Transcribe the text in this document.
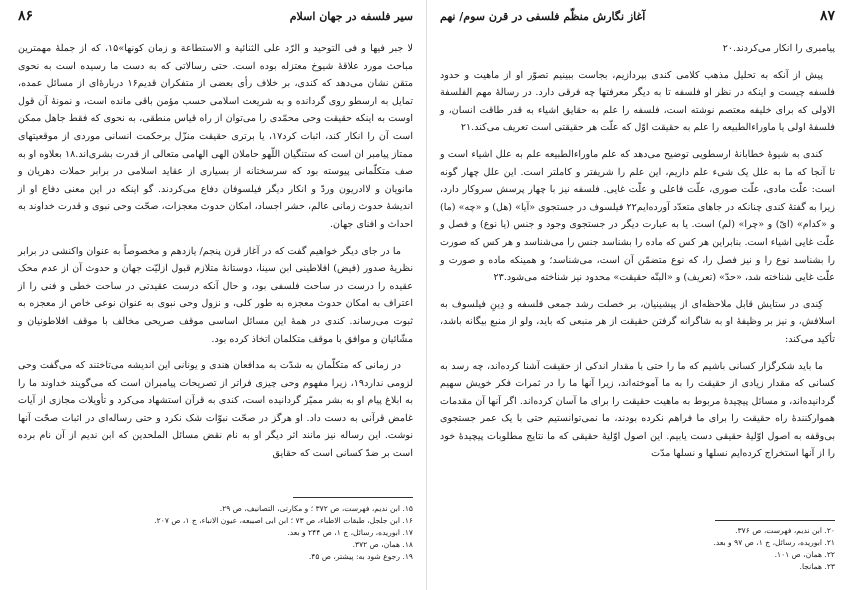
سیر فلسفه در جهان اسلام
۸۶

لا جبر فیها و فی التوحید و الرّد علی الثنائیة و الاستطاعة و زمان کونها»۱۵، که از جملهٔ مهمترین مباحث مورد علاقهٔ شیوخ معتزله بوده است. حتی رسالاتی که به دست ما رسیده است به نحوی متقن نشان می‌دهد که کندی، بر خلاف رأی بعضی از متفکران قدیم۱۶ دربارهٔ‌ای از مسائل عمده، تمایل به ارسطو روی گردانده و به شریعت اسلامی حسب مؤمن باقی مانده است، و نمونهٔ آن قول اوست به اینکه حقیقت وحی محمّدی را می‌توان از راه قیاس منطقی، به نحوی که فقط جاهل ممکن است آن را انکار کند، اثبات کرد۱۷، یا برتری حقیقت منزّل برحکمت انسانی موردی از موقعیتهای ممتاز پیامبر ان است که ستنگیان اللّهو حاملان الهی الهامی متعالی از قدرت بشری‌اند.۱۸ بعلاوه او به صف متکلّمانی پیوسته بود که سرسختانه از بسیاری از عقاید اسلامی در برابر حملات دهریان و مانویان و لاادریون وردّ و انکار دیگر فیلسوفان دفاع می‌کردند. گو اینکه در این معنی دفاع او از اندیشهٔ حدوث زمانی عالم، حشر اجساد، امکان حدوث معجزات، صحّت وحی نبوی و قدرت خداوند به احداث و افنای جهان.

ما در جای دیگر خواهیم گفت که در آغاز قرن پنجم/ یازدهم و مخصوصاً به عنوان واکنشی در برابر نظریهٔ صدور (فیض) افلاطینی ابن سینا، دوستانهٔ متلازم قبول ازلیّت جهان و حدوث آن از عدم محک عقیده‌ را درست در ساحت فلسفی بود، و حال آنکه درست عقیدتی در ساحت خطی و فنی را از اعتراف به امکان حدوث معجزه به طور کلی، و نزول وحی نبوی به عنوان نوعی خاص از معجزه به ثبوت می‌رساند. کندی در همهٔ این مسائل اساسی موقف صریحی مخالف با موقف افلاطونیان و مشّائیان و موافق با موقف متکلمان اتخاذ کرده بود.

در زمانی که متکلّمان به شدّت به مدافعان هندی و یونانی این اندیشه می‌تاختند که می‌گفت وحی لزومی ندارد۱۹، زیرا مفهوم وحی چیزی فراتر از تصریحات پیامبران است که می‌گویند خداوند ما را به ابلاغ پیام او به بشر ممیّز گردانیده است، کندی به قرآن استشهاد می‌کرد و تأویلات مجازی از آیات غامض قرآنی به دست داد. او هرگز در صحّت نبوّات شک نکرد و حتی رساله‌ای در اثبات صحّت آنها نوشت. این رساله نیز مانند اثر دیگر او به نام نقض مسائل الملحدین که ابن ندیم از آن نام برده است بر ضدّ کسانی است که حقایق

۱۵. ابن ندیم، فهرست، ص ۳۷۲ ؛ و مکارتی، التصانیف، ص ۲۹.
۱۶. ابن جلجل، طبقات الاطباء، ص ۷۳ ؛ ابن ابی اصیبعه، عیون الانباء، ج ۱، ص ۲۰۷.
۱۷. ابوریده، رسائل، ج ۱، ص ۲۴۴ و بعد.
۱۸. همان، ص ۳۷۲.
۱۹. رجوع شود به: پیشتر، ص ۴۵.
۸۷
آغاز نگارش منظّم فلسفی در قرن سوم/ نهم

پیامبری را انکار می‌کردند.۲۰

پیش از آنکه به تحلیل مذهب کلامی کندی بپردازیم، بجاست ببینیم تصوّر او از ماهیت و حدود فلسفه چیست و اینکه در نظر او فلسفه تا به دیگر معرفتها چه فرقی دارد. در رسالهٔ مهم الفلسفة الاولی که برای خلیفه معتصم نوشته است، فلسفه را علم به حقایق اشیاء به قدر طاقت انسان، و فلسفهٔ اولی یا ماوراءالطبیعه را علم به حقیقت اوّل که علّت هر حقیقتی است تعریف می‌کند.۲۱

کندی به شیوهٔ خطابانهٔ ارسطویی توضیح می‌دهد که علم ماوراءالطبیعه علم به علل اشیاء است و تا آنجا که ما به علل یک شیء علم داریم، این علم را شریفتر و کاملتر است. این علل چهار گونه است: علّت مادی، علّت صوری، علّت فاعلی و علّت غایی. فلسفه نیز با چهار پرسش سروکار دارد، زیرا به گفتهٔ کندی چنانکه در جاهای متعدّد آورده‌ایم۲۲ فیلسوف در جستجوی «آیا» (هل) و «چه» (ما) و «کدام» (ایّ) و «چرا» (لم) است. یا به عبارت دیگر در جستجوی وجود و جنس (یا نوع) و فصل و علّت غایی اشیاء است. بنابراین هر کس که ماده را بشناسد جنس را می‌شناسد و هر کس که صورت را بشناسد نوع را و نیز فصل را، که نوع متضمّن آن است، می‌شناسد؛ و همینکه ماده و صورت و علّت غایی شناخته شد، «حدّ» (تعریف) و «البتّه حقیقت» محدود نیز شناخته می‌شود.۲۳

کِندی در ستایش قابل ملاحظه‌ای از پیشینیان، بر خصلت رشد جمعی فلسفه و دِینِ فیلسوف به اسلافش، و نیز بر وظیفهٔ او به شاگرانه گرفتن حقیقت از هر منبعی که باید، ولو از منبع بیگانه باشد، تأکید می‌کند:

ما باید شکرگزار کسانی باشیم که ما را حتی با مقدار اندکی از حقیقت آشنا کرده‌اند، چه رسد به کسانی که مقدار زیادی از حقیقت را به ما آموخته‌اند، زیرا آنها ما را در ثمرات فکر خویش سهیم گردانیده‌اند، و مسائل پیچیدهٔ مربوط به ماهیت حقیقت را برای ما آسان کرده‌اند. اگر آنها آن مقدمات هموارکنندهٔ راه حقیقت را برای ما فراهم نکرده بودند، ما نمی‌توانستیم حتی با یک عمر جستجوی بی‌وقفه به اصول اوّلیهٔ حقیقی دست یابیم. این اصول اوّلیهٔ حقیقی که ما نتایج مطلوبات پیچیدهٔ خود را از آنها استخراج کرده‌ایم نسلها و نسلها مدّت

۲۰. ابن ندیم، فهرست، ص ۳۷۶.
۲۱. ابوریده، رسائل، ج ۱، ص ۹۷ و بعد.
۲۲. همان، ص ۱۰۱.
۲۳. همانجا.
